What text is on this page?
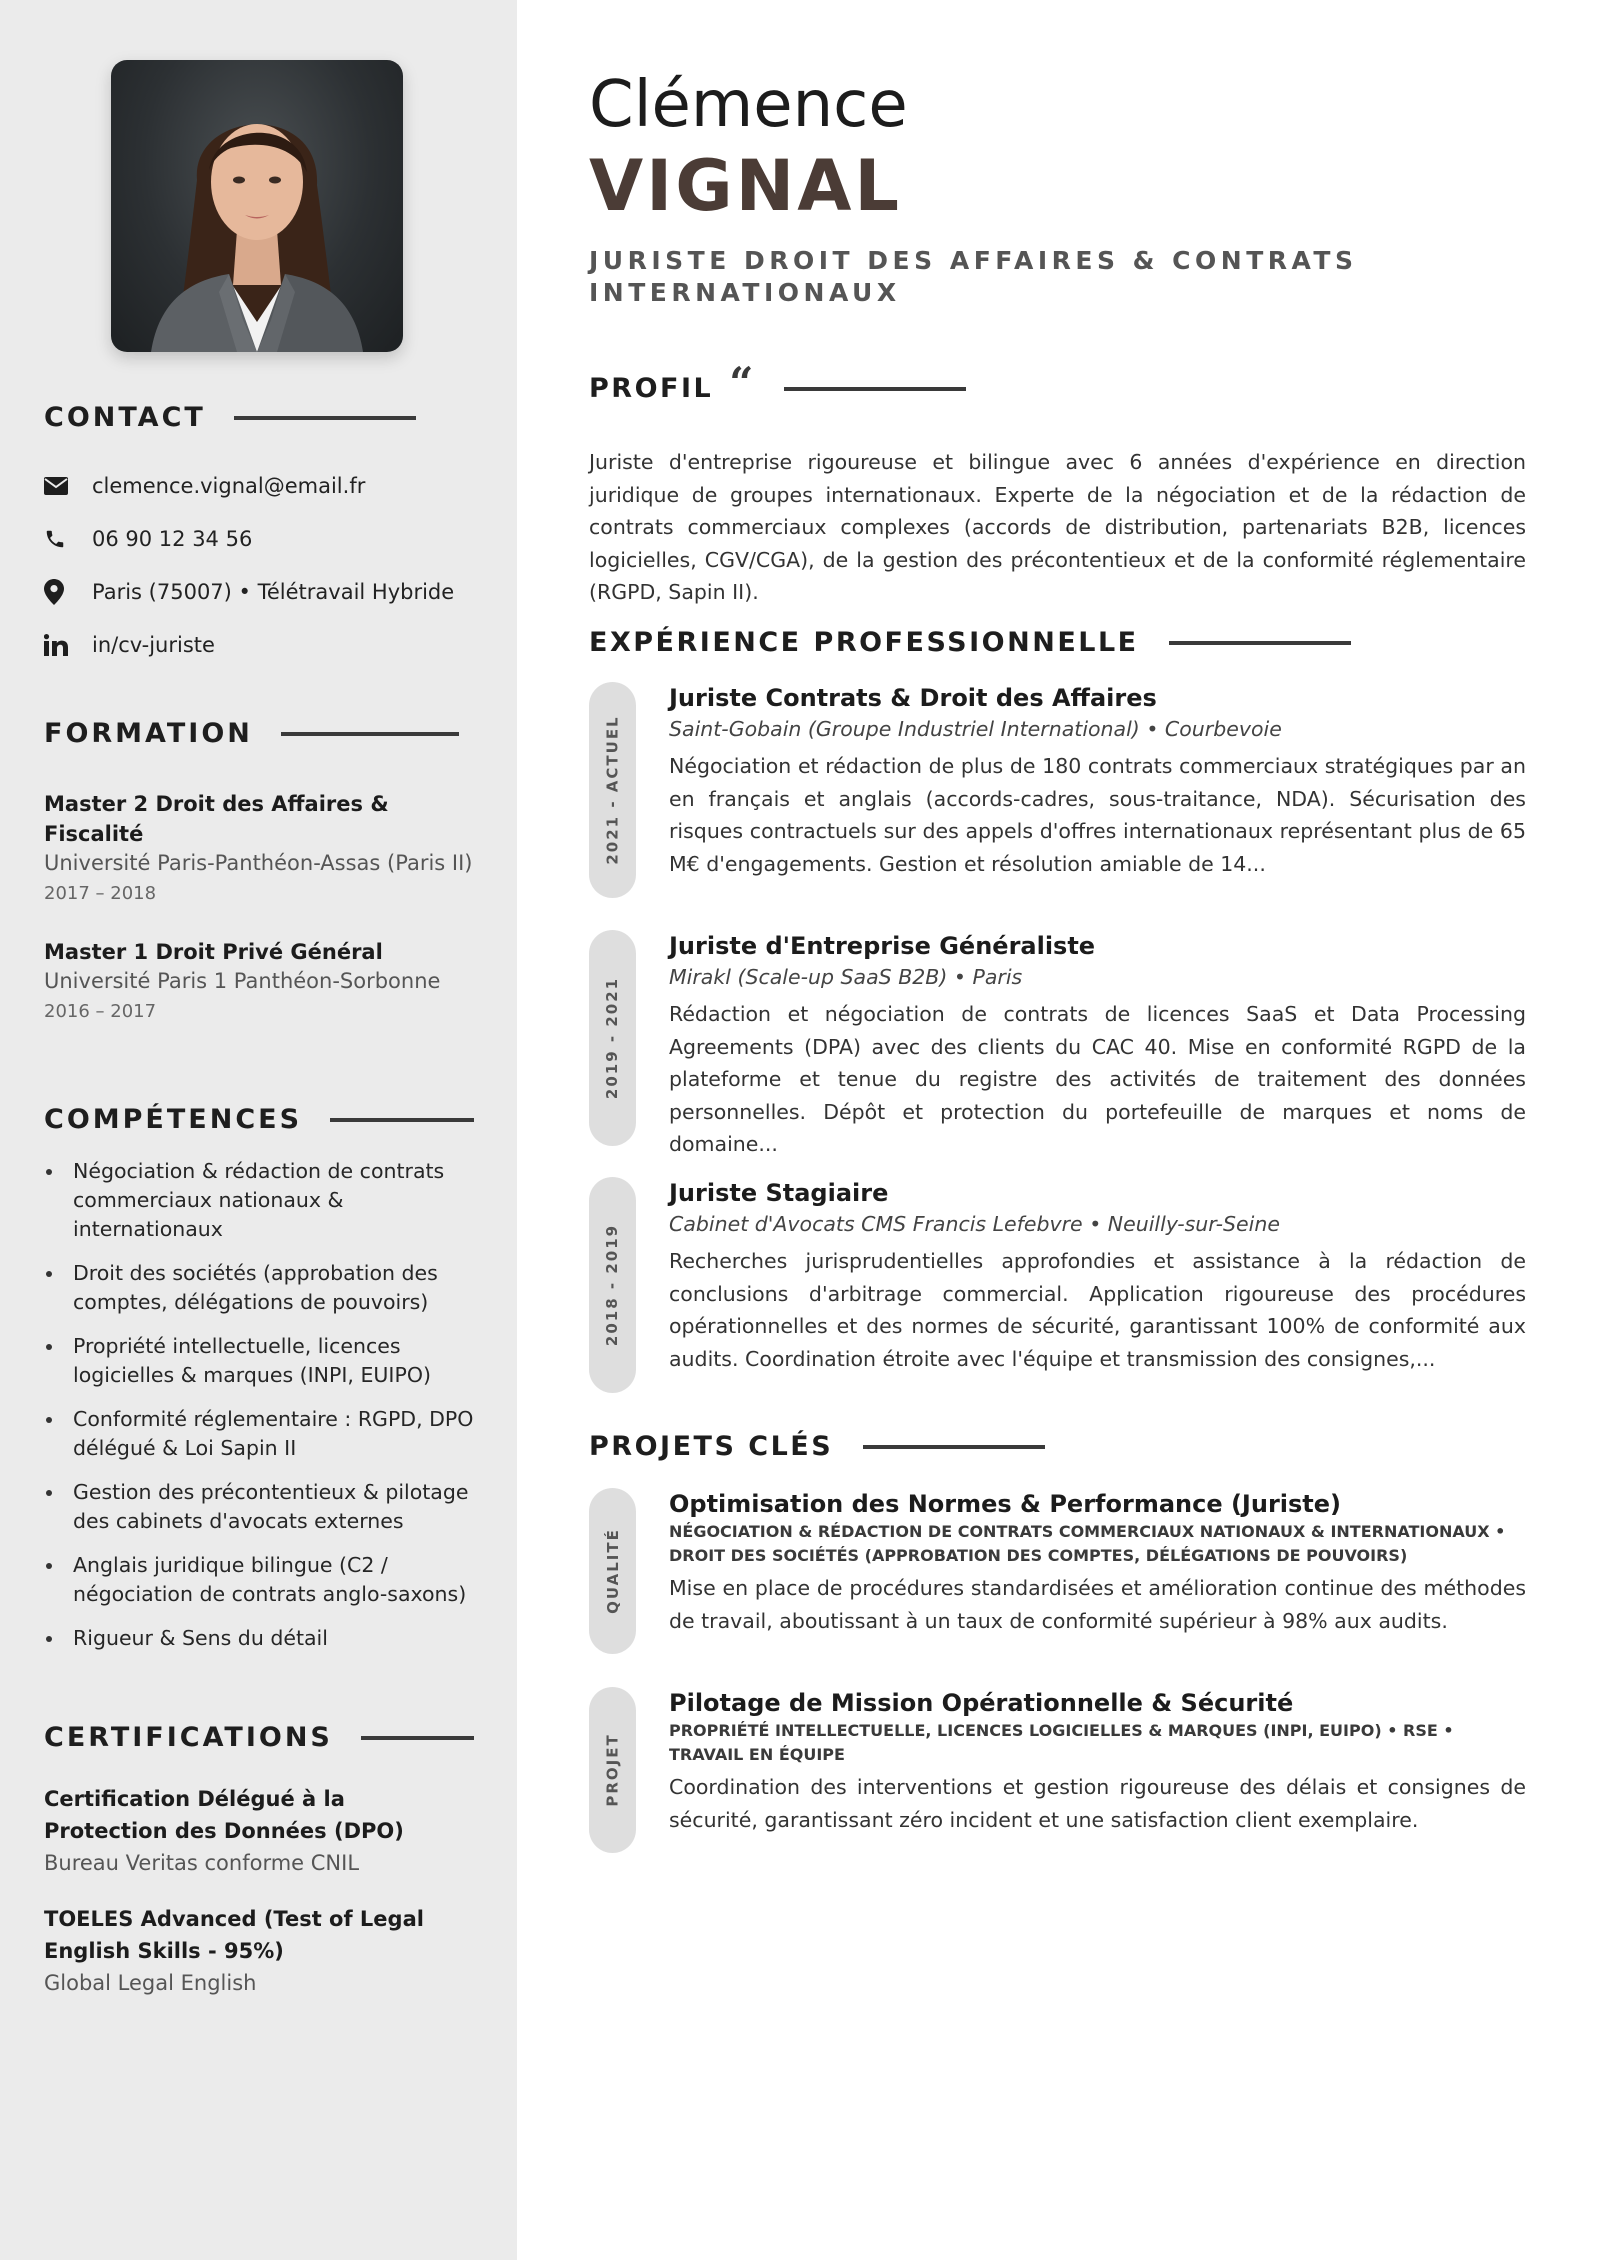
CONTACT
clemence.vignal@email.fr
06 90 12 34 56
Paris (75007) • Télétravail Hybride
in/cv-juriste
FORMATION
Master 2 Droit des Affaires & Fiscalité
Université Paris-Panthéon-Assas (Paris II)
2017 – 2018
Master 1 Droit Privé Général
Université Paris 1 Panthéon-Sorbonne
2016 – 2017
COMPÉTENCES
Négociation & rédaction de contrats commerciaux nationaux & internationaux
Droit des sociétés (approbation des comptes, délégations de pouvoirs)
Propriété intellectuelle, licences logicielles & marques (INPI, EUIPO)
Conformité réglementaire : RGPD, DPO délégué & Loi Sapin II
Gestion des précontentieux & pilotage des cabinets d'avocats externes
Anglais juridique bilingue (C2 / négociation de contrats anglo-saxons)
Rigueur & Sens du détail
CERTIFICATIONS
Certification Délégué à la Protection des Données (DPO)
Bureau Veritas conforme CNIL
TOELES Advanced (Test of Legal English Skills - 95%)
Global Legal English
Clémence
VIGNAL
JURISTE DROIT DES AFFAIRES & CONTRATS INTERNATIONAUX
PROFIL “

Juriste d'entreprise rigoureuse et bilingue avec 6 années d'expérience en direction juridique de groupes internationaux. Experte de la négociation et de la rédaction de contrats commerciaux complexes (accords de distribution, partenariats B2B, licences logicielles, CGV/CGA), de la gestion des précontentieux et de la conformité réglementaire (RGPD, Sapin II).

EXPÉRIENCE PROFESSIONNELLE
2021 - ACTUEL
Juriste Contrats & Droit des Affaires
Saint-Gobain (Groupe Industriel International) • Courbevoie
Négociation et rédaction de plus de 180 contrats commerciaux stratégiques par an en français et anglais (accords-cadres, sous-traitance, NDA). Sécurisation des risques contractuels sur des appels d'offres internationaux représentant plus de 65 M€ d'engagements. Gestion et résolution amiable de 14...
2019 - 2021
Juriste d'Entreprise Généraliste
Mirakl (Scale-up SaaS B2B) • Paris
Rédaction et négociation de contrats de licences SaaS et Data Processing Agreements (DPA) avec des clients du CAC 40. Mise en conformité RGPD de la plateforme et tenue du registre des activités de traitement des données personnelles. Dépôt et protection du portefeuille de marques et noms de domaine...
2018 - 2019
Juriste Stagiaire
Cabinet d'Avocats CMS Francis Lefebvre • Neuilly-sur-Seine
Recherches jurisprudentielles approfondies et assistance à la rédaction de conclusions d'arbitrage commercial. Application rigoureuse des procédures opérationnelles et des normes de sécurité, garantissant 100% de conformité aux audits. Coordination étroite avec l'équipe et transmission des consignes,...
PROJETS CLÉS
QUALITÉ
Optimisation des Normes & Performance (Juriste)
NÉGOCIATION & RÉDACTION DE CONTRATS COMMERCIAUX NATIONAUX & INTERNATIONAUX • DROIT DES SOCIÉTÉS (APPROBATION DES COMPTES, DÉLÉGATIONS DE POUVOIRS)
Mise en place de procédures standardisées et amélioration continue des méthodes de travail, aboutissant à un taux de conformité supérieur à 98% aux audits.
PROJET
Pilotage de Mission Opérationnelle & Sécurité
PROPRIÉTÉ INTELLECTUELLE, LICENCES LOGICIELLES & MARQUES (INPI, EUIPO) • RSE • TRAVAIL EN ÉQUIPE
Coordination des interventions et gestion rigoureuse des délais et consignes de sécurité, garantissant zéro incident et une satisfaction client exemplaire.
